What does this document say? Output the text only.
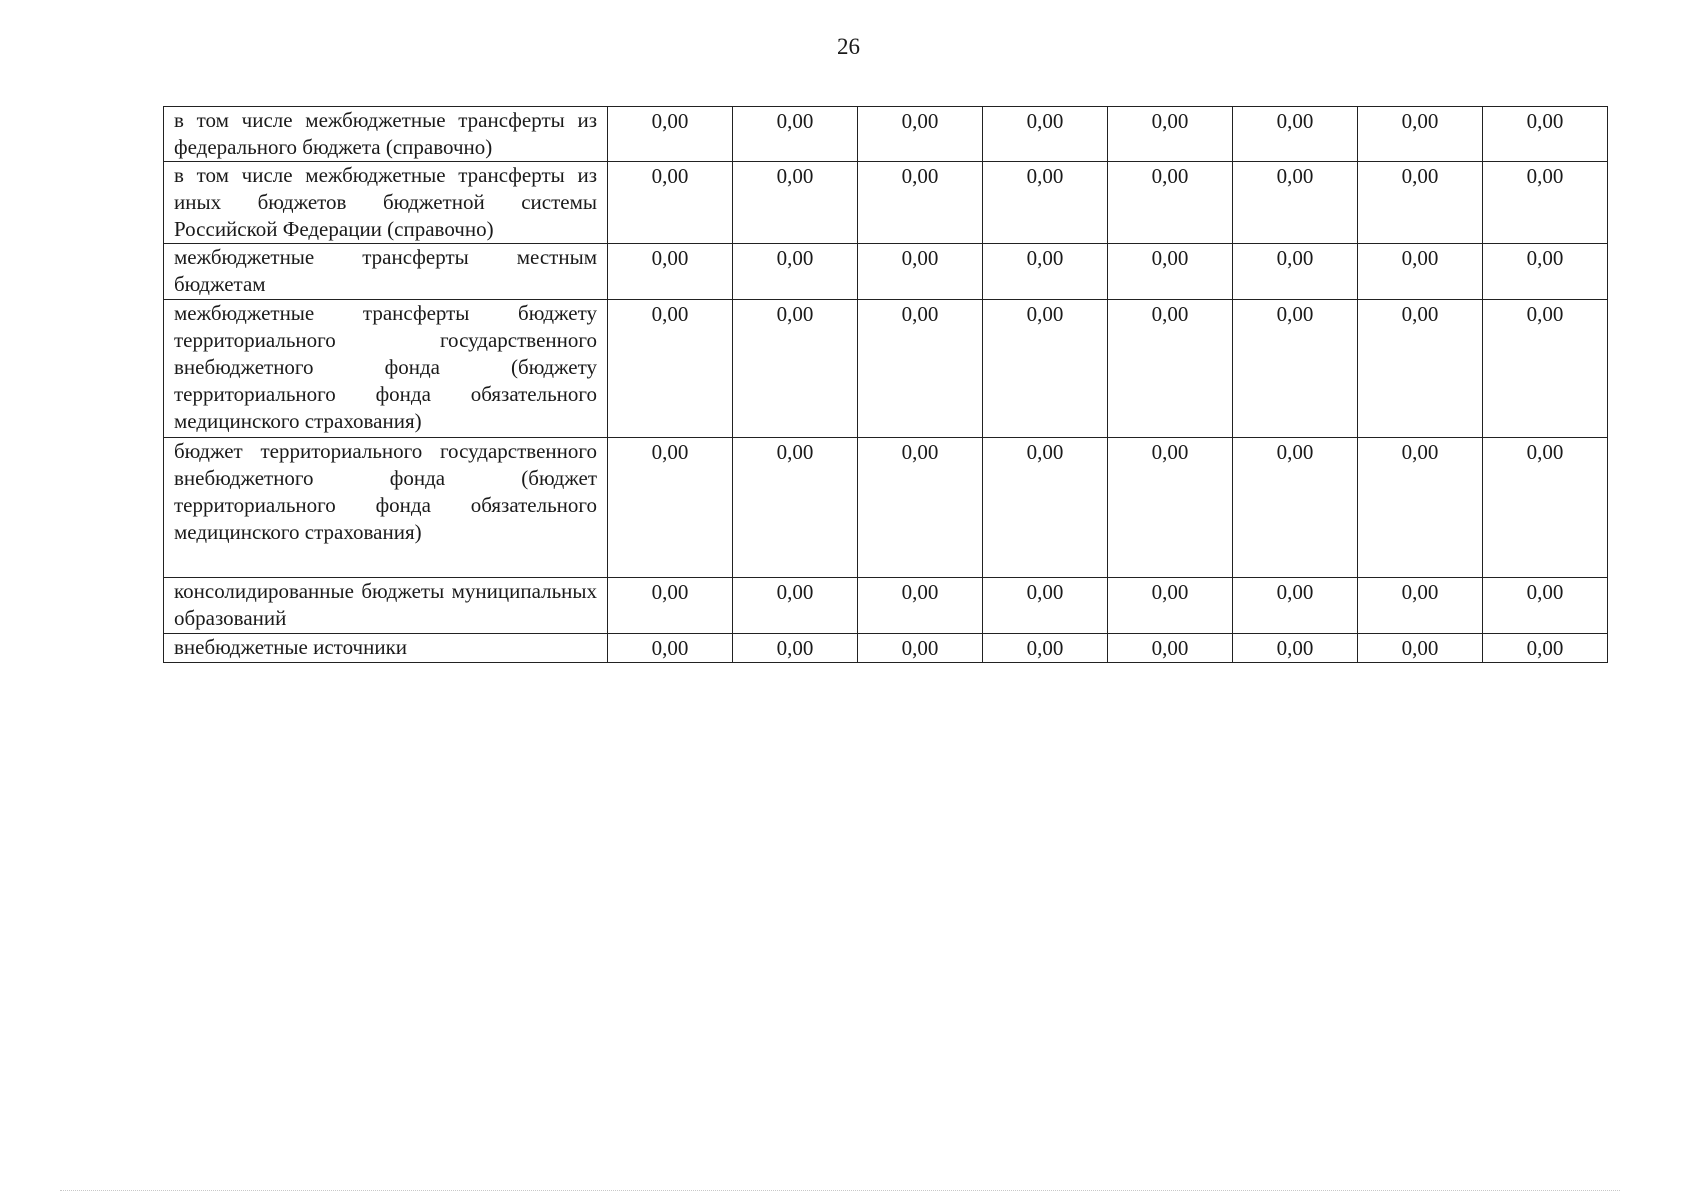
26
в том числе межбюджетные трансферты из федерального бюджета (справочно)	0,00	0,00	0,00	0,00	0,00	0,00	0,00	0,00
в том числе межбюджетные трансферты из иных бюджетов бюджетной системы Российской Федерации (справочно)	0,00	0,00	0,00	0,00	0,00	0,00	0,00	0,00
межбюджетные трансферты местным бюджетам	0,00	0,00	0,00	0,00	0,00	0,00	0,00	0,00
межбюджетные трансферты бюджету территориального государственного внебюджетного фонда (бюджету территориального фонда обязательного медицинского страхования)	0,00	0,00	0,00	0,00	0,00	0,00	0,00	0,00
бюджет территориального государственного внебюджетного фонда (бюджет территориального фонда обязательного медицинского страхования)	0,00	0,00	0,00	0,00	0,00	0,00	0,00	0,00
консолидированные бюджеты муниципальных образований	0,00	0,00	0,00	0,00	0,00	0,00	0,00	0,00
внебюджетные источники	0,00	0,00	0,00	0,00	0,00	0,00	0,00	0,00
